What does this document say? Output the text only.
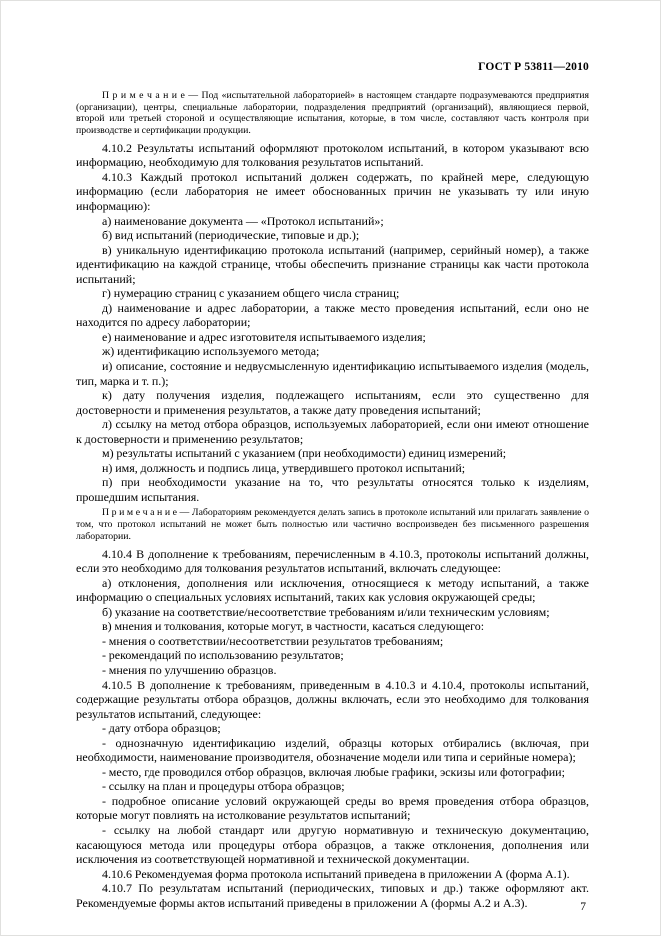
ГОСТ Р 53811—2010

П р и м е ч а н и е — Под «испытательной лабораторией» в настоящем стандарте подразумеваются предприятия (организации), центры, специальные лаборатории, подразделения предприятий (организаций), являющиеся первой, второй или третьей стороной и осуществляющие испытания, которые, в том числе, составляют часть контроля при производстве и сертификации продукции.

4.10.2 Результаты испытаний оформляют протоколом испытаний, в котором указывают всю информацию, необходимую для толкования результатов испытаний.

4.10.3 Каждый протокол испытаний должен содержать, по крайней мере, следующую информацию (если лаборатория не имеет обоснованных причин не указывать ту или иную информацию):

а) наименование документа — «Протокол испытаний»;

б) вид испытаний (периодические, типовые и др.);

в) уникальную идентификацию протокола испытаний (например, серийный номер), а также идентификацию на каждой странице, чтобы обеспечить признание страницы как части протокола испытаний;

г) нумерацию страниц с указанием общего числа страниц;

д) наименование и адрес лаборатории, а также место проведения испытаний, если оно не находится по адресу лаборатории;

е) наименование и адрес изготовителя испытываемого изделия;

ж) идентификацию используемого метода;

и) описание, состояние и недвусмысленную идентификацию испытываемого изделия (модель, тип, марка и т. п.);

к) дату получения изделия, подлежащего испытаниям, если это существенно для достоверности и применения результатов, а также дату проведения испытаний;

л) ссылку на метод отбора образцов, используемых лабораторией, если они имеют отношение к достоверности и применению результатов;

м) результаты испытаний с указанием (при необходимости) единиц измерений;

н) имя, должность и подпись лица, утвердившего протокол испытаний;

п) при необходимости указание на то, что результаты относятся только к изделиям, прошедшим испытания.

П р и м е ч а н и е — Лабораториям рекомендуется делать запись в протоколе испытаний или прилагать заявление о том, что протокол испытаний не может быть полностью или частично воспроизведен без письменного разрешения лаборатории.

4.10.4 В дополнение к требованиям, перечисленным в 4.10.3, протоколы испытаний должны, если это необходимо для толкования результатов испытаний, включать следующее:

а) отклонения, дополнения или исключения, относящиеся к методу испытаний, а также информацию о специальных условиях испытаний, таких как условия окружающей среды;

б) указание на соответствие/несоответствие требованиям и/или техническим условиям;

в) мнения и толкования, которые могут, в частности, касаться следующего:

- мнения о соответствии/несоответствии результатов требованиям;

- рекомендаций по использованию результатов;

- мнения по улучшению образцов.

4.10.5 В дополнение к требованиям, приведенным в 4.10.3 и 4.10.4, протоколы испытаний, содержащие результаты отбора образцов, должны включать, если это необходимо для толкования результатов испытаний, следующее:

- дату отбора образцов;

- однозначную идентификацию изделий, образцы которых отбирались (включая, при необходимости, наименование производителя, обозначение модели или типа и серийные номера);

- место, где проводился отбор образцов, включая любые графики, эскизы или фотографии;

- ссылку на план и процедуры отбора образцов;

- подробное описание условий окружающей среды во время проведения отбора образцов, которые могут повлиять на истолкование результатов испытаний;

- ссылку на любой стандарт или другую нормативную и техническую документацию, касающуюся метода или процедуры отбора образцов, а также отклонения, дополнения или исключения из соответствующей нормативной и технической документации.

4.10.6 Рекомендуемая форма протокола испытаний приведена в приложении А (форма А.1).

4.10.7 По результатам испытаний (периодических, типовых и др.) также оформляют акт. Рекомендуемые формы актов испытаний приведены в приложении А (формы А.2 и А.3).	7
